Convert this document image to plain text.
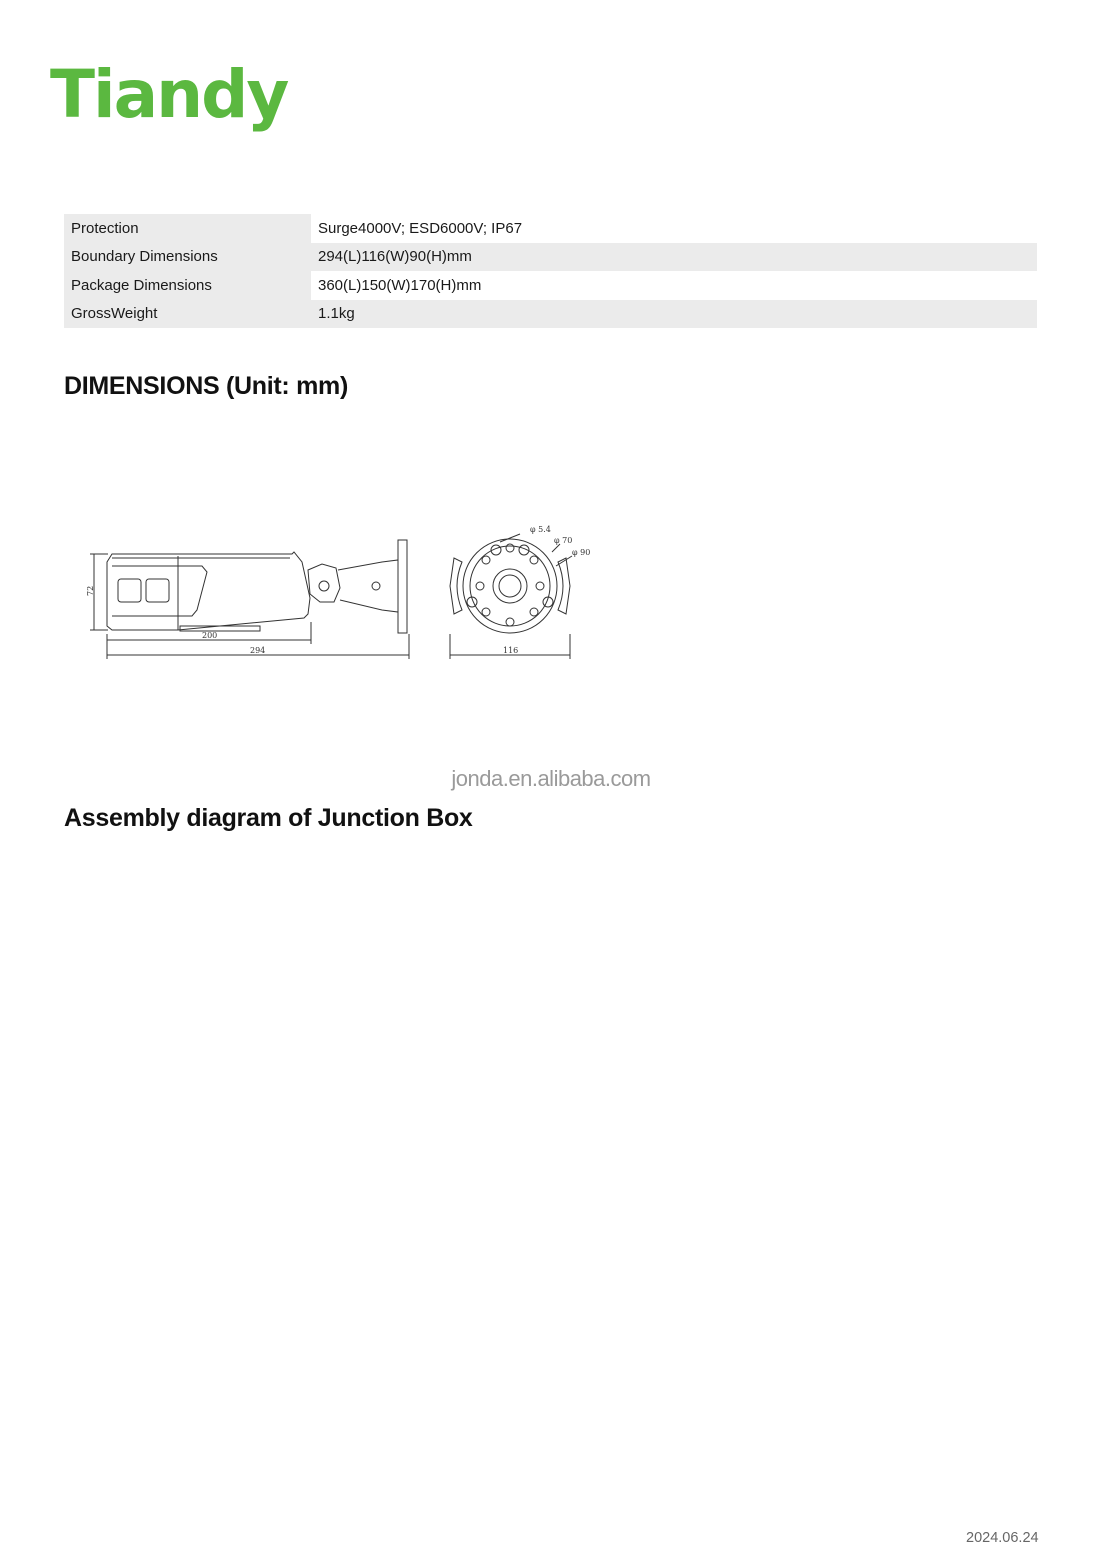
Tiandy
Protection	Surge4000V; ESD6000V; IP67
Boundary Dimensions	294(L)116(W)90(H)mm
Package Dimensions	360(L)150(W)170(H)mm
GrossWeight	1.1kg
DIMENSIONS (Unit: mm)
72
200
294
φ 5.4
φ 70
φ 90
116
jonda.en.alibaba.com
Assembly diagram of Junction Box
2024.06.24
